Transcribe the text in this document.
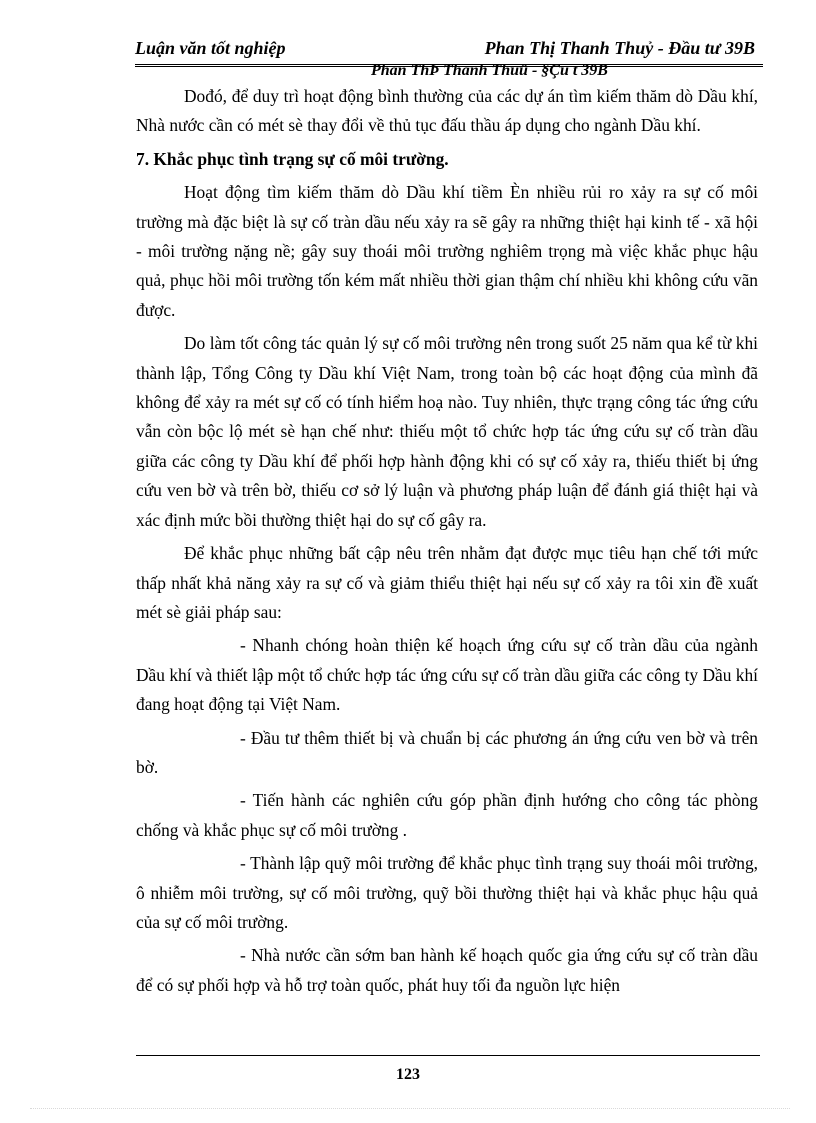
Luận văn tốt nghiệp	Phan Thị Thanh Thuỷ - Đầu tư 39B
Phan ThÞ Thanh Thuû - §Çu t 39B

Dođó, để duy trì hoạt động bình thường của các dự án tìm kiếm thăm dò Dầu khí, Nhà nước cần có mét sè thay đổi về thủ tục đấu thầu áp dụng cho ngành Dầu khí.

7. Khắc phục tình trạng sự cố môi trường.

Hoạt động tìm kiếm thăm dò Dầu khí tiềm Èn nhiều rủi ro xảy ra sự cố môi trường mà đặc biệt là sự cố tràn dầu nếu xảy ra sẽ gây ra những thiệt hại kinh tế - xã hội - môi trường nặng nề; gây suy thoái môi trường nghiêm trọng mà việc khắc phục hậu quả, phục hồi môi trường tốn kém mất nhiều thời gian thậm chí nhiều khi không cứu vãn được.

Do làm tốt công tác quản lý sự cố môi trường nên trong suốt 25 năm qua kể từ khi thành lập, Tổng Công ty Dầu khí Việt Nam, trong toàn bộ các hoạt động của mình đã không để xảy ra mét sự cố có tính hiểm hoạ nào. Tuy nhiên, thực trạng công tác ứng cứu vẫn còn bộc lộ mét sè hạn chế như: thiếu một tổ chức hợp tác ứng cứu sự cố tràn dầu giữa các công ty Dầu khí để phối hợp hành động khi có sự cố xảy ra, thiếu thiết bị ứng cứu ven bờ và trên bờ, thiếu cơ sở lý luận và phương pháp luận để đánh giá thiệt hại và xác định mức bồi thường thiệt hại do sự cố gây ra.

Để khắc phục những bất cập nêu trên nhằm đạt được mục tiêu hạn chế tới mức thấp nhất khả năng xảy ra sự cố và giảm thiểu thiệt hại nếu sự cố xảy ra tôi xin đề xuất mét sè giải pháp sau:

- Nhanh chóng hoàn thiện kế hoạch ứng cứu sự cố tràn dầu của ngành Dầu khí và thiết lập một tổ chức hợp tác ứng cứu sự cố tràn dầu giữa các công ty Dầu khí đang hoạt động tại Việt Nam.

- Đầu tư thêm thiết bị và chuẩn bị các phương án ứng cứu ven bờ và trên bờ.

- Tiến hành các nghiên cứu góp phần định hướng cho công tác phòng chống và khắc phục sự cố môi trường .

- Thành lập quỹ môi trường để khắc phục tình trạng suy thoái môi trường, ô nhiễm môi trường, sự cố môi trường, quỹ bồi thường thiệt hại và khắc phục hậu quả của sự cố môi trường.

- Nhà nước cần sớm ban hành kế hoạch quốc gia ứng cứu sự cố tràn dầu để có sự phối hợp và hỗ trợ toàn quốc, phát huy tối đa nguồn lực hiện

123
